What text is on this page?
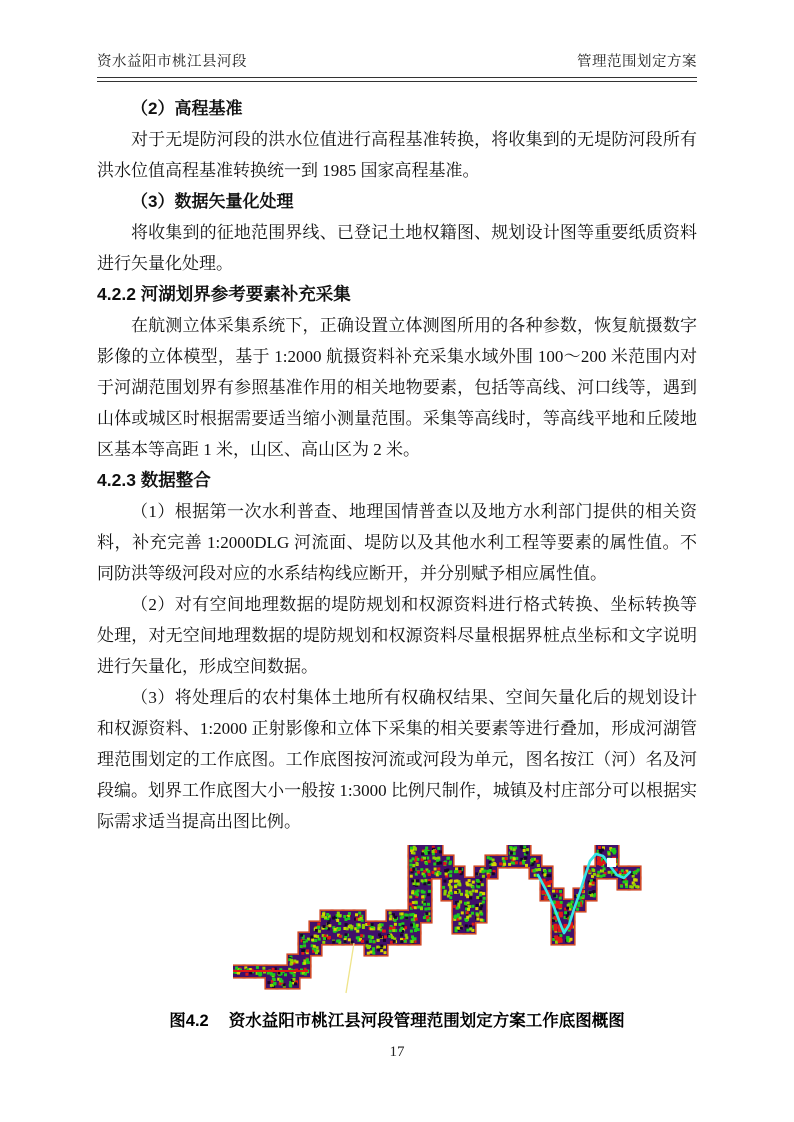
资水益阳市桃江县河段	管理范围划定方案

（2）高程基准

对于无堤防河段的洪水位值进行高程基准转换，将收集到的无堤防河段所有洪水位值高程基准转换统一到 1985 国家高程基准。

（3）数据矢量化处理

将收集到的征地范围界线、已登记土地权籍图、规划设计图等重要纸质资料进行矢量化处理。

4.2.2 河湖划界参考要素补充采集

在航测立体采集系统下，正确设置立体测图所用的各种参数，恢复航摄数字影像的立体模型，基于 1:2000 航摄资料补充采集水域外围 100～200 米范围内对于河湖范围划界有参照基准作用的相关地物要素，包括等高线、河口线等，遇到山体或城区时根据需要适当缩小测量范围。采集等高线时，等高线平地和丘陵地区基本等高距 1 米，山区、高山区为 2 米。

4.2.3 数据整合

（1）根据第一次水利普查、地理国情普查以及地方水利部门提供的相关资料，补充完善 1:2000DLG 河流面、堤防以及其他水利工程等要素的属性值。不同防洪等级河段对应的水系结构线应断开，并分别赋予相应属性值。

（2）对有空间地理数据的堤防规划和权源资料进行格式转换、坐标转换等处理，对无空间地理数据的堤防规划和权源资料尽量根据界桩点坐标和文字说明进行矢量化，形成空间数据。

（3）将处理后的农村集体土地所有权确权结果、空间矢量化后的规划设计和权源资料、1:2000 正射影像和立体下采集的相关要素等进行叠加，形成河湖管理范围划定的工作底图。工作底图按河流或河段为单元，图名按江（河）名及河段编。划界工作底图大小一般按 1:3000 比例尺制作，城镇及村庄部分可以根据实际需求适当提高出图比例。

图4.2 资水益阳市桃江县河段管理范围划定方案工作底图概图
17
